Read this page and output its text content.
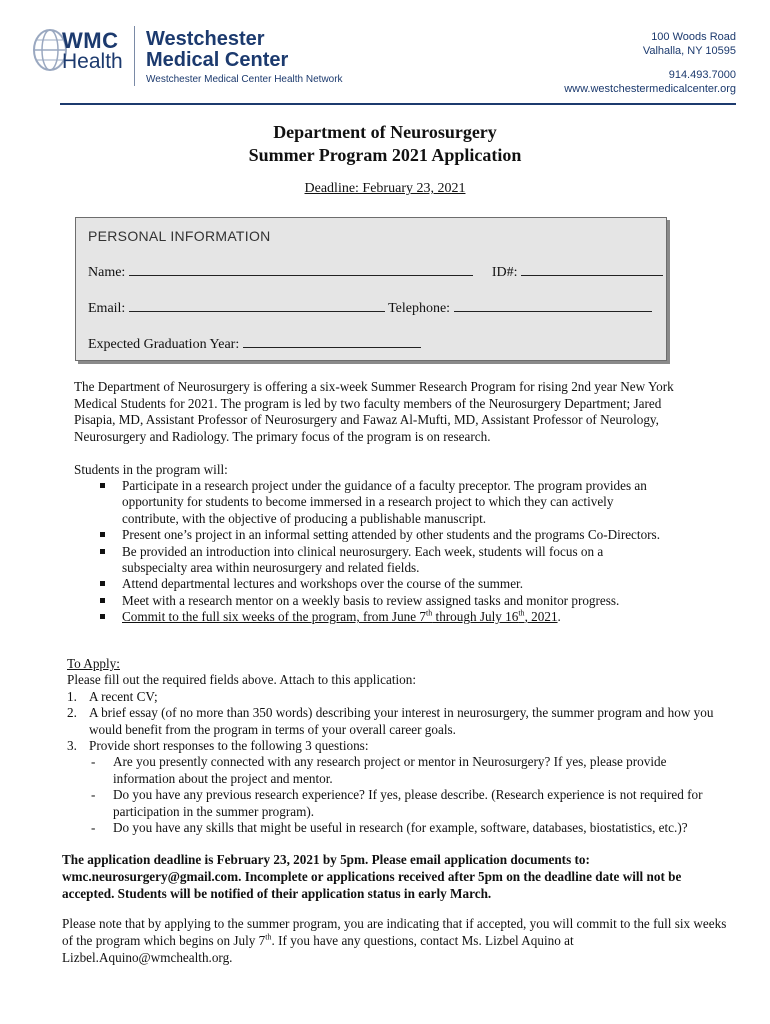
WMC
Health
Westchester
Medical Center
Westchester Medical Center Health Network
100 Woods Road
Valhalla, NY 10595
914.493.7000
www.westchestermedicalcenter.org
Department of Neurosurgery
Summer Program 2021 Application
Deadline: February 23, 2021
PERSONAL INFORMATION
Name:	ID#:
Email:	Telephone:
Expected Graduation Year:
The Department of Neurosurgery is offering a six-week Summer Research Program for rising 2nd year New York Medical Students for 2021. The program is led by two faculty members of the Neurosurgery Department; Jared Pisapia, MD, Assistant Professor of Neurosurgery and Fawaz Al-Mufti, MD, Assistant Professor of Neurology, Neurosurgery and Radiology. The primary focus of the program is on research.
Students in the program will:
Participate in a research project under the guidance of a faculty preceptor. The program provides an opportunity for students to become immersed in a research project to which they can actively contribute, with the objective of producing a publishable manuscript.
Present one’s project in an informal setting attended by other students and the programs Co-Directors.
Be provided an introduction into clinical neurosurgery. Each week, students will focus on a subspecialty area within neurosurgery and related fields.
Attend departmental lectures and workshops over the course of the summer.
Meet with a research mentor on a weekly basis to review assigned tasks and monitor progress.
Commit to the full six weeks of the program, from June 7th through July 16th, 2021.
To Apply:
Please fill out the required fields above. Attach to this application:
1. A recent CV;
2. A brief essay (of no more than 350 words) describing your interest in neurosurgery, the summer program and how you would benefit from the program in terms of your overall career goals.
3. Provide short responses to the following 3 questions:
- Are you presently connected with any research project or mentor in Neurosurgery? If yes, please provide information about the project and mentor.
- Do you have any previous research experience? If yes, please describe. (Research experience is not required for participation in the summer program).
- Do you have any skills that might be useful in research (for example, software, databases, biostatistics, etc.)?
The application deadline is February 23, 2021 by 5pm. Please email application documents to: wmc.neurosurgery@gmail.com. Incomplete or applications received after 5pm on the deadline date will not be accepted. Students will be notified of their application status in early March.
Please note that by applying to the summer program, you are indicating that if accepted, you will commit to the full six weeks of the program which begins on July 7th. If you have any questions, contact Ms. Lizbel Aquino at Lizbel.Aquino@wmchealth.org.
